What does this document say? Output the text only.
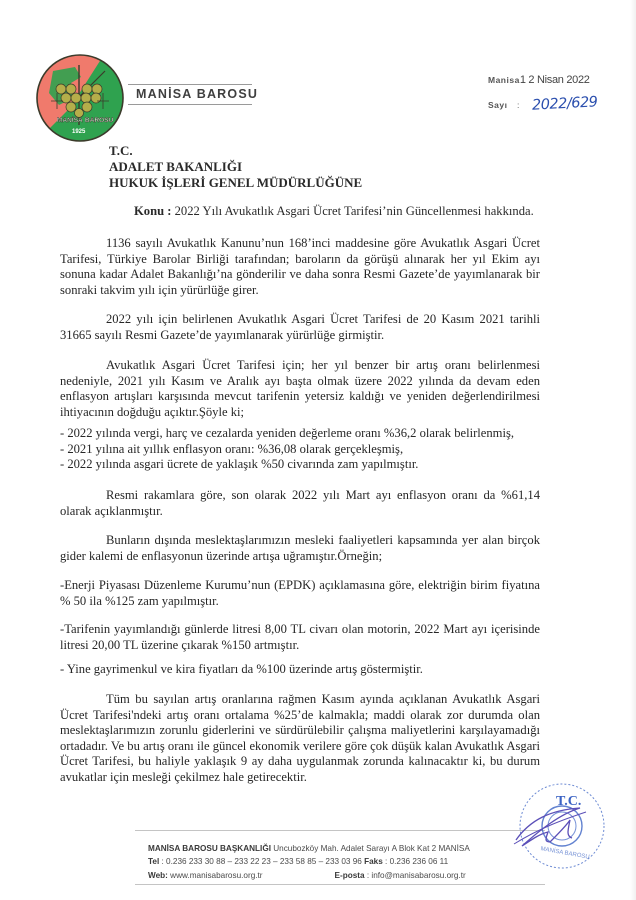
MANİSA BAROSU
1925
MANİSA BAROSU
Manisa 1 2 Nisan 2022
Sayı	: 2022/629
T.C.
ADALET BAKANLIĞI
HUKUK İŞLERİ GENEL MÜDÜRLÜĞÜNE
Konu : 2022 Yılı Avukatlık Asgari Ücret Tarifesi’nin Güncellenmesi hakkında.

1136 sayılı Avukatlık Kanunu’nun 168’inci maddesine göre Avukatlık Asgari Ücret Tarifesi, Türkiye Barolar Birliği tarafından; baroların da görüşü alınarak her yıl Ekim ayı sonuna kadar Adalet Bakanlığı’na gönderilir ve daha sonra Resmi Gazete’de yayımlanarak bir sonraki takvim yılı için yürürlüğe girer.

2022 yılı için belirlenen Avukatlık Asgari Ücret Tarifesi de 20 Kasım 2021 tarihli 31665 sayılı Resmi Gazete’de yayımlanarak yürürlüğe girmiştir.

Avukatlık Asgari Ücret Tarifesi için; her yıl benzer bir artış oranı belirlenmesi nedeniyle, 2021 yılı Kasım ve Aralık ayı başta olmak üzere 2022 yılında da devam eden enflasyon artışları karşısında mevcut tarifenin yetersiz kaldığı ve yeniden değerlendirilmesi ihtiyacının doğduğu açıktır.Şöyle ki;

- 2022 yılında vergi, harç ve cezalarda yeniden değerleme oranı %36,2 olarak belirlenmiş,

- 2021 yılına ait yıllık enflasyon oranı: %36,08 olarak gerçekleşmiş,

- 2022 yılında asgari ücrete de yaklaşık %50 civarında zam yapılmıştır.

Resmi rakamlara göre, son olarak 2022 yılı Mart ayı enflasyon oranı da %61,14 olarak açıklanmıştır.

Bunların dışında meslektaşlarımızın mesleki faaliyetleri kapsamında yer alan birçok gider kalemi de enflasyonun üzerinde artışa uğramıştır.Örneğin;

-Enerji Piyasası Düzenleme Kurumu’nun (EPDK) açıklamasına göre, elektriğin birim fiyatına % 50 ila %125 zam yapılmıştır.

-Tarifenin yayımlandığı günlerde litresi 8,00 TL civarı olan motorin, 2022 Mart ayı içerisinde litresi 20,00 TL üzerine çıkarak %150 artmıştır.

- Yine gayrimenkul ve kira fiyatları da %100 üzerinde artış göstermiştir.

Tüm bu sayılan artış oranlarına rağmen Kasım ayında açıklanan Avukatlık Asgari Ücret Tarifesi'ndeki artış oranı ortalama %25’de kalmakla; maddi olarak zor durumda olan meslektaşlarımızın zorunlu giderlerini ve sürdürülebilir çalışma maliyetlerini karşılayamadığı ortadadır. Ve bu artış oranı ile güncel ekonomik verilere göre çok düşük kalan Avukatlık Asgari Ücret Tarifesi, bu haliyle yaklaşık 9 ay daha uygulanmak zorunda kalınacaktır ki, bu durum avukatlar için mesleği çekilmez hale getirecektir.

MANİSA BAROSU BAŞKANLIĞI Uncubozköy Mah. Adalet Sarayı A Blok Kat 2 MANİSA
Tel : 0.236 233 30 88 – 233 22 23 – 233 58 85 – 233 03 96 Faks : 0.236 236 06 11
Web: www.manisabarosu.org.tr	E-posta : info@manisabarosu.org.tr
T.C.
MANİSA BAROSU
